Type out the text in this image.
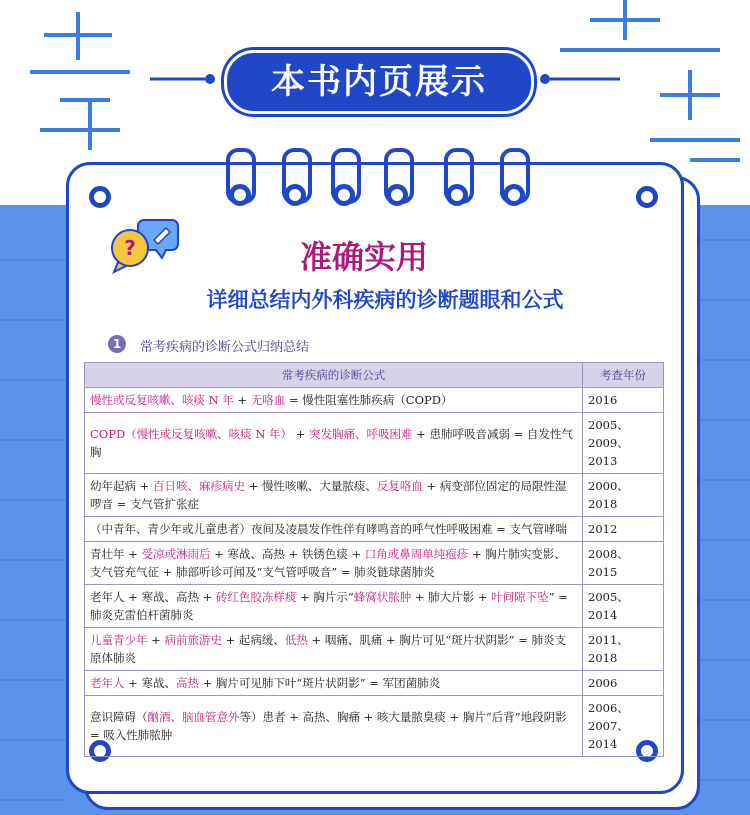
本书内页展示
?	准确实用
详细总结内外科疾病的诊断题眼和公式
1	常考疾病的诊断公式归纳总结
常考疾病的诊断公式	考查年份
慢性或反复咳嗽、咳痰 N 年 + 无咯血 = 慢性阻塞性肺疾病（COPD）	2016

COPD（慢性或反复咳嗽、咳痰 N 年） + 突发胸痛、呼吸困难 + 患肺呼吸音减弱 = 自发性气胸	2005、
2009、2013

幼年起病 + 百日咳、麻疹病史 + 慢性咳嗽、大量脓痰、反复咯血 + 病变部位固定的局限性湿啰音 = 支气管扩张症	2000、2018

（中青年、青少年或儿童患者）夜间及凌晨发作性伴有哮鸣音的呼气性呼吸困难 = 支气管哮喘	2012

青壮年 + 受凉或淋雨后 + 寒战、高热 + 铁锈色痰 + 口角或鼻周单纯疱疹 + 胸片肺实变影、支气管充气征 + 肺部听诊可闻及“支气管呼吸音” = 肺炎链球菌肺炎	2008、2015

老年人 + 寒战、高热 + 砖红色胶冻样痰 + 胸片示“蜂窝状脓肿 + 肺大片影 + 叶间隙下坠” = 肺炎克雷伯杆菌肺炎	2005、2014

儿童青少年 + 病前旅游史 + 起病缓、低热 + 咽痛、肌痛 + 胸片可见“斑片状阴影” = 肺炎支原体肺炎	2011、2018

老年人 + 寒战、高热 + 胸片可见肺下叶“斑片状阴影” = 军团菌肺炎	2006

意识障碍（酗酒、脑血管意外等）患者 + 高热、胸痛 + 咳大量脓臭痰 + 胸片“后背”地段阴影 = 吸入性肺脓肿	2006、
2007、2014
